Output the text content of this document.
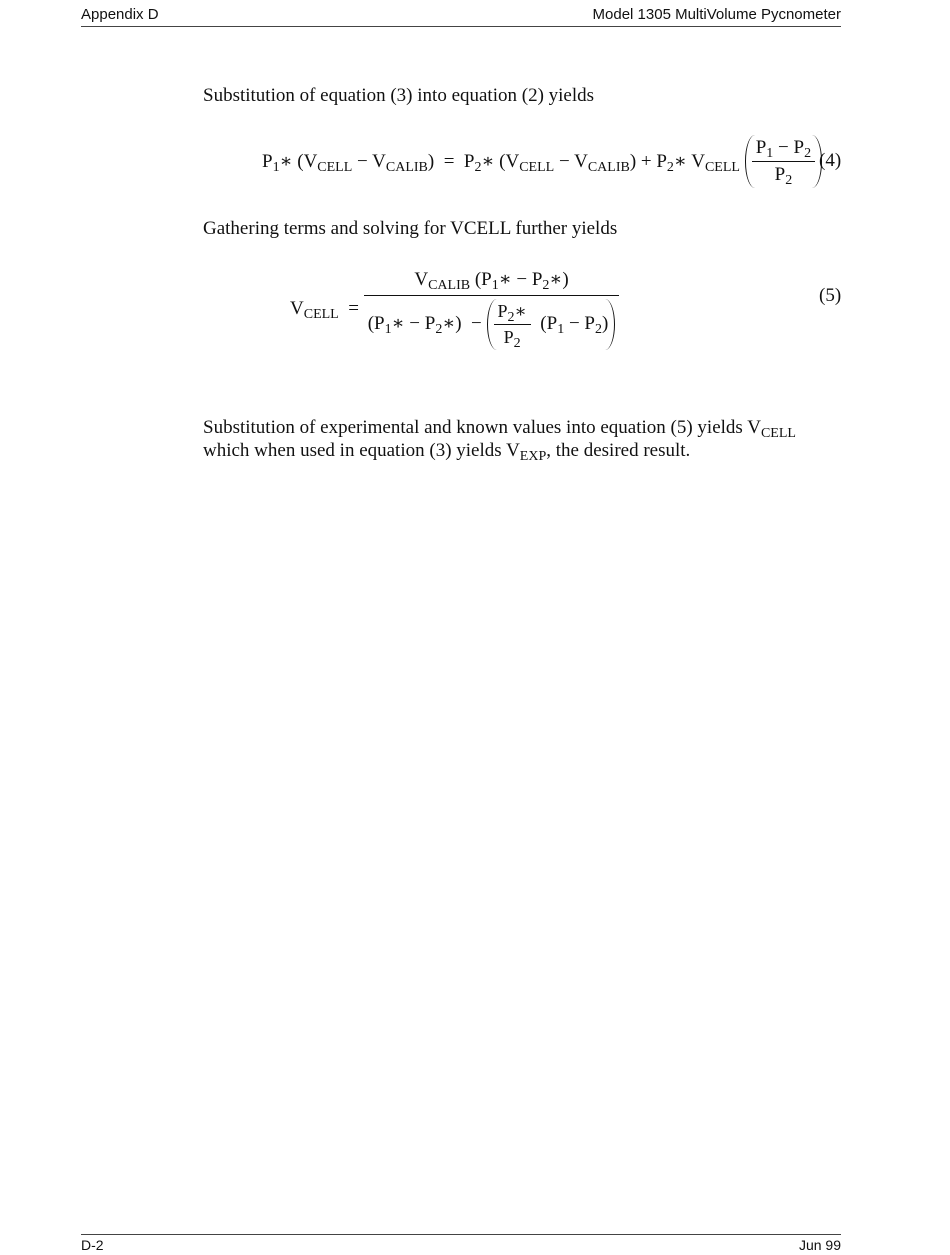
Appendix D	Model 1305 MultiVolume Pycnometer
Substitution of equation (3) into equation (2) yields
$P_1∗$ $(V_{CELL} - V_{CALIB})$  =  $P_2∗$ $(V_{CELL} - V_{CALIB})$ + $P_2∗$ $V_{CELL} \frac{P_1 - P_2}{P_2} (4)$
Gathering terms and solving for VCELL further yields
$V_{CELL}$  =
$V_{CALIB}$ ($P_1∗$ − $P_2∗$)
($P_1∗$ − $P_2∗) - \frac{P_2∗}{P_2} (P_1 - P_2)$
(5)
Substitution of experimental and known values into equation (5) yields $V_{CELL}$
which when used in equation (3) yields $V_{EXP}$, the desired result.
D-2	Jun 99
